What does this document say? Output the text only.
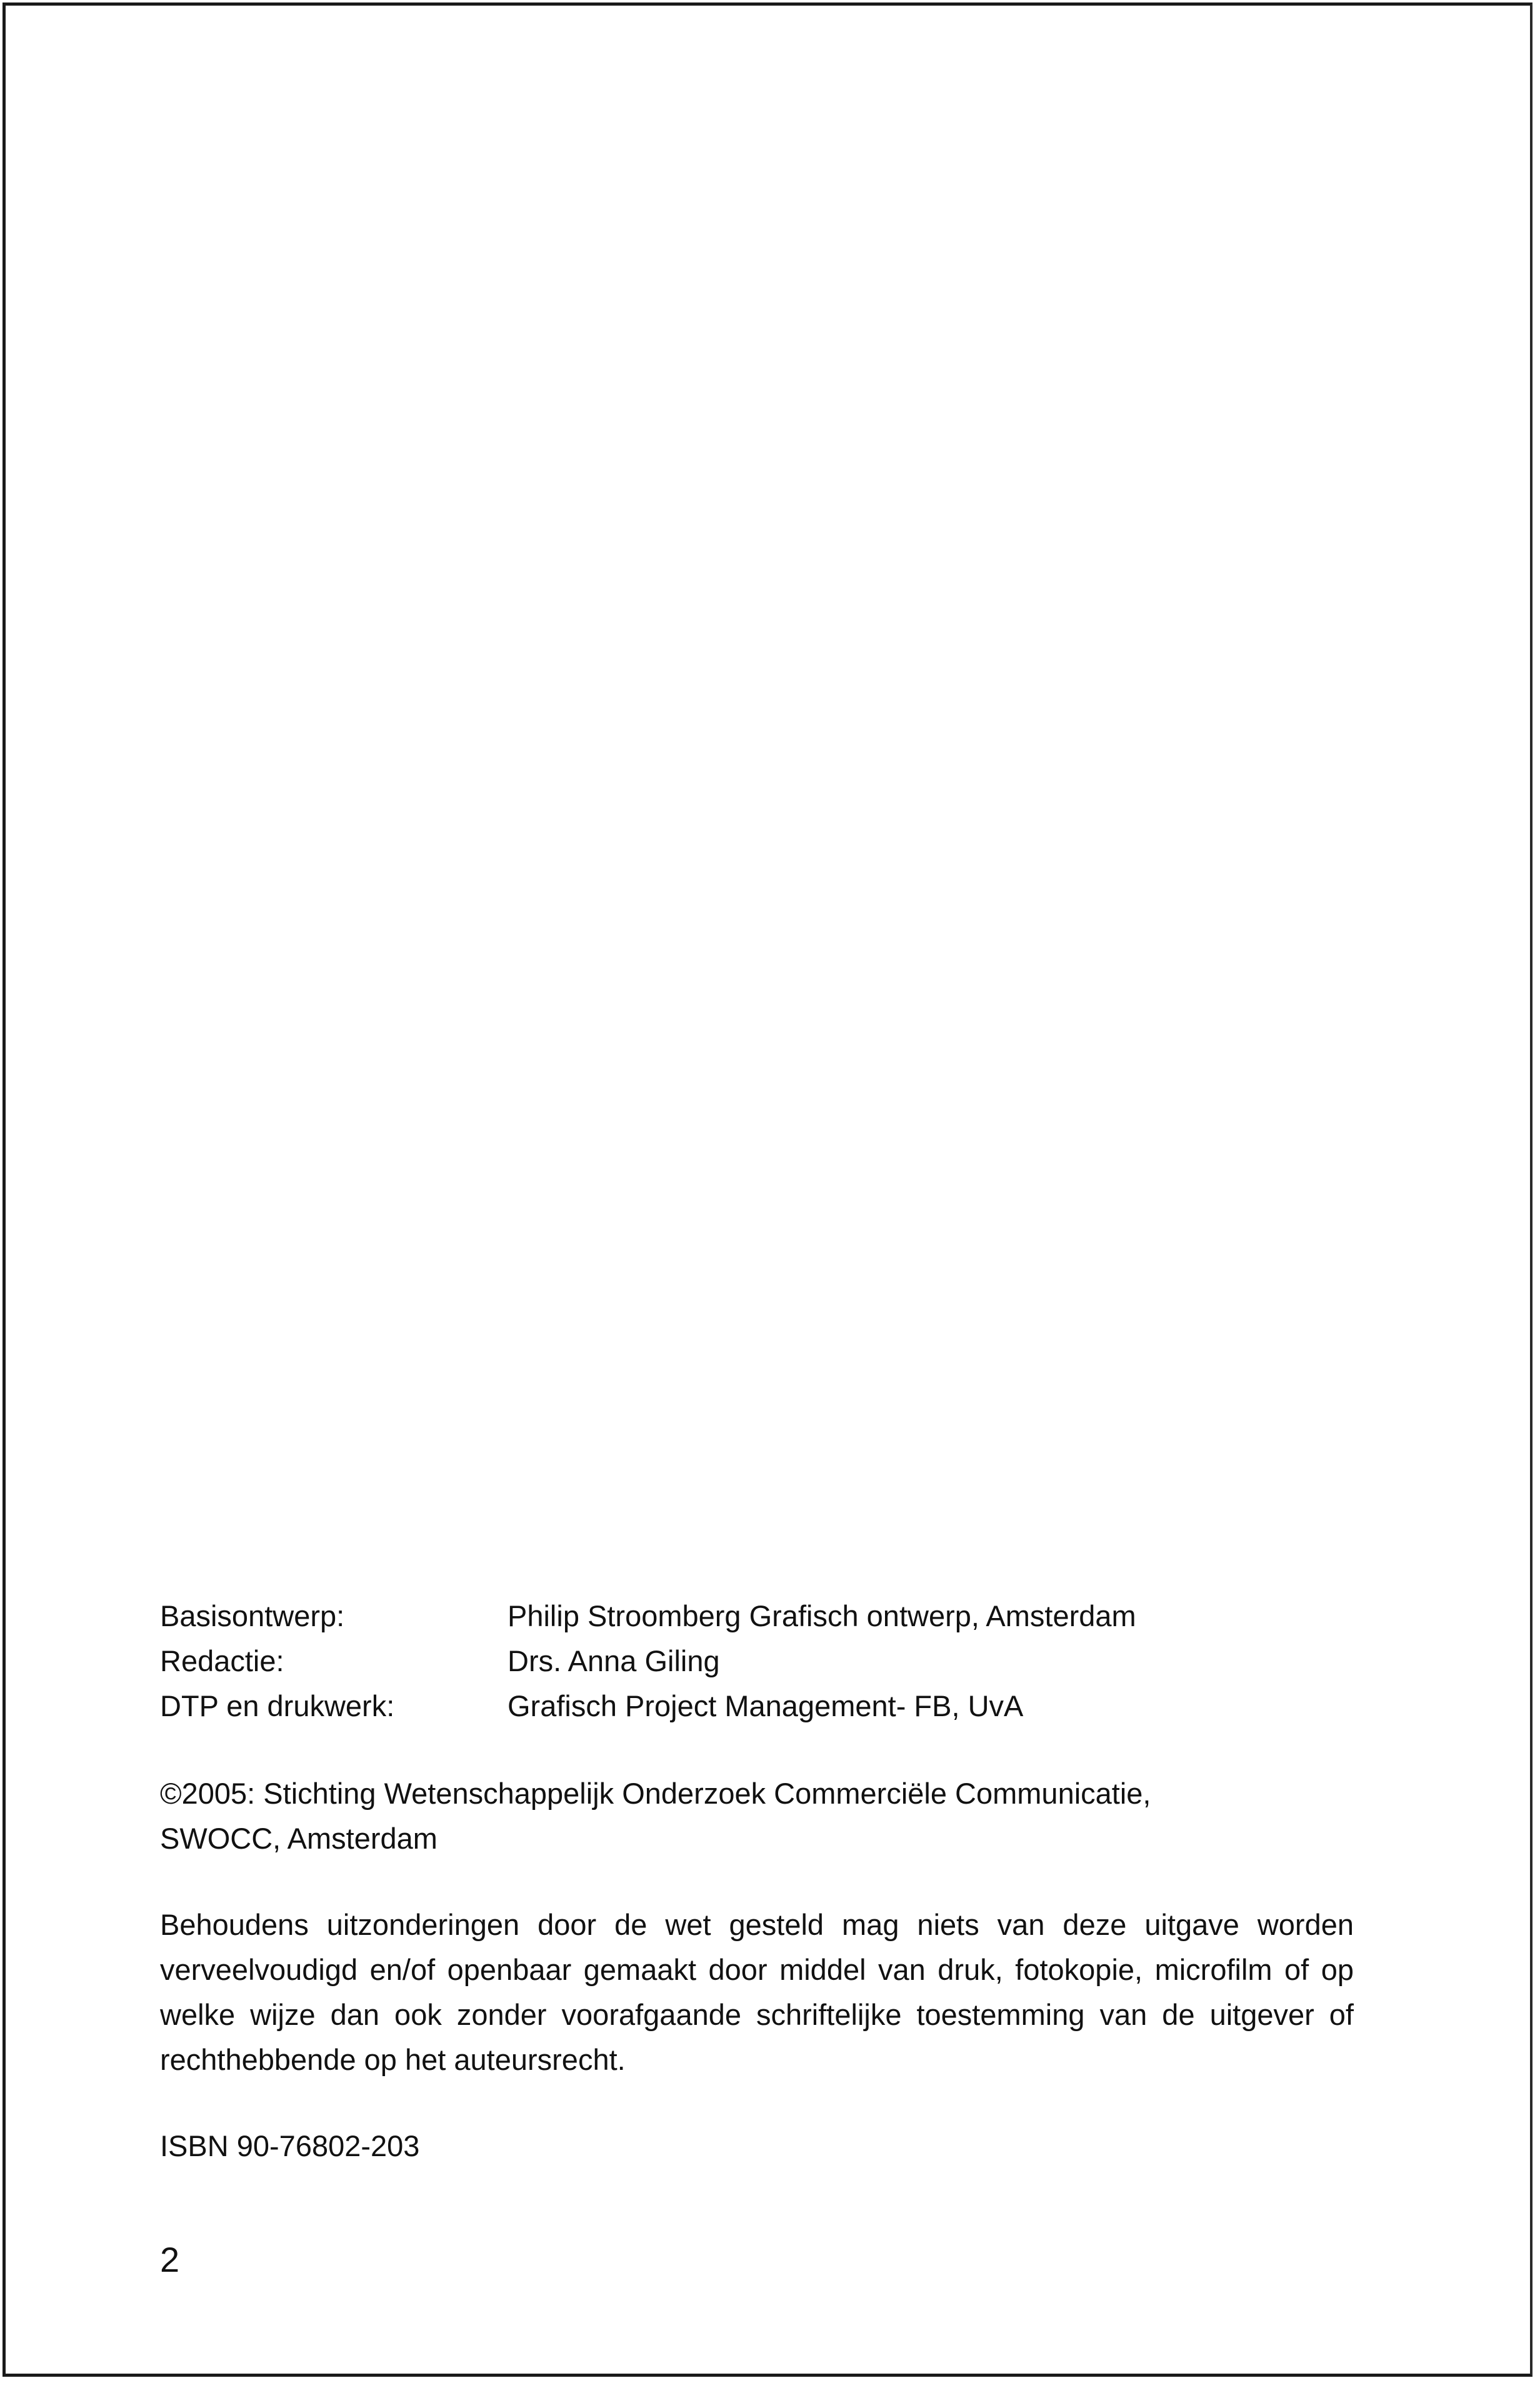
Basisontwerp:	Philip Stroomberg Grafisch ontwerp, Amsterdam
Redactie:	Drs. Anna Giling
DTP en drukwerk:	Grafisch Project Management- FB, UvA

©2005: Stichting Wetenschappelijk Onderzoek Commerciële Communicatie,

SWOCC, Amsterdam

Behoudens uitzonderingen door de wet gesteld mag niets van deze uitgave worden verveelvoudigd en/of openbaar gemaakt door middel van druk, fotokopie, microfilm of op welke wijze dan ook zonder voorafgaande schriftelijke toestemming van de uitgever of rechthebbende op het auteursrecht.
ISBN 90-76802-203
2
